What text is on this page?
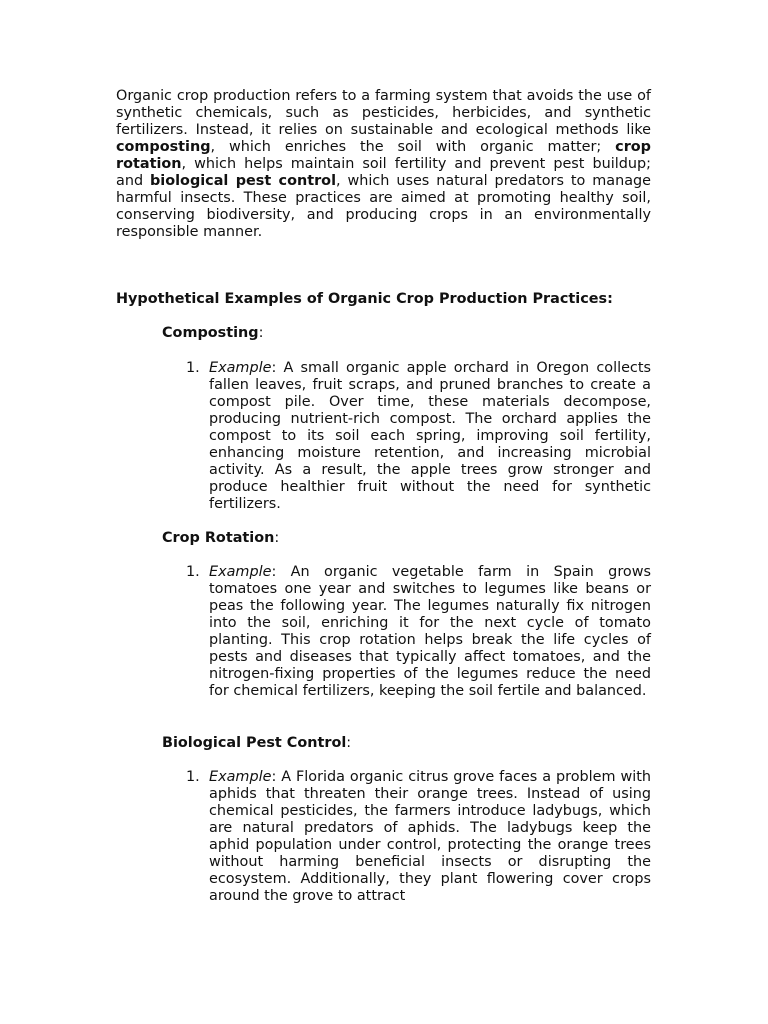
Organic crop production refers to a farming system that avoids the use of synthetic chemicals, such as pesticides, herbicides, and synthetic fertilizers. Instead, it relies on sustainable and ecological methods like composting, which enriches the soil with organic matter; crop rotation, which helps maintain soil fertility and prevent pest buildup; and biological pest control, which uses natural predators to manage harmful insects. These practices are aimed at promoting healthy soil, conserving biodiversity, and producing crops in an environmentally responsible manner.

Hypothetical Examples of Organic Crop Production Practices:

Composting:

1. Example: A small organic apple orchard in Oregon collects fallen leaves, fruit scraps, and pruned branches to create a compost pile. Over time, these materials decompose, producing nutrient-rich compost. The orchard applies the compost to its soil each spring, improving soil fertility, enhancing moisture retention, and increasing microbial activity. As a result, the apple trees grow stronger and produce healthier fruit without the need for synthetic fertilizers.

Crop Rotation:

1. Example: An organic vegetable farm in Spain grows tomatoes one year and switches to legumes like beans or peas the following year. The legumes naturally fix nitrogen into the soil, enriching it for the next cycle of tomato planting. This crop rotation helps break the life cycles of pests and diseases that typically affect tomatoes, and the nitrogen-fixing properties of the legumes reduce the need for chemical fertilizers, keeping the soil fertile and balanced.

Biological Pest Control:

1. Example: A Florida organic citrus grove faces a problem with aphids that threaten their orange trees. Instead of using chemical pesticides, the farmers introduce ladybugs, which are natural predators of aphids. The ladybugs keep the aphid population under control, protecting the orange trees without harming beneficial insects or disrupting the ecosystem. Additionally, they plant flowering cover crops around the grove to attract
